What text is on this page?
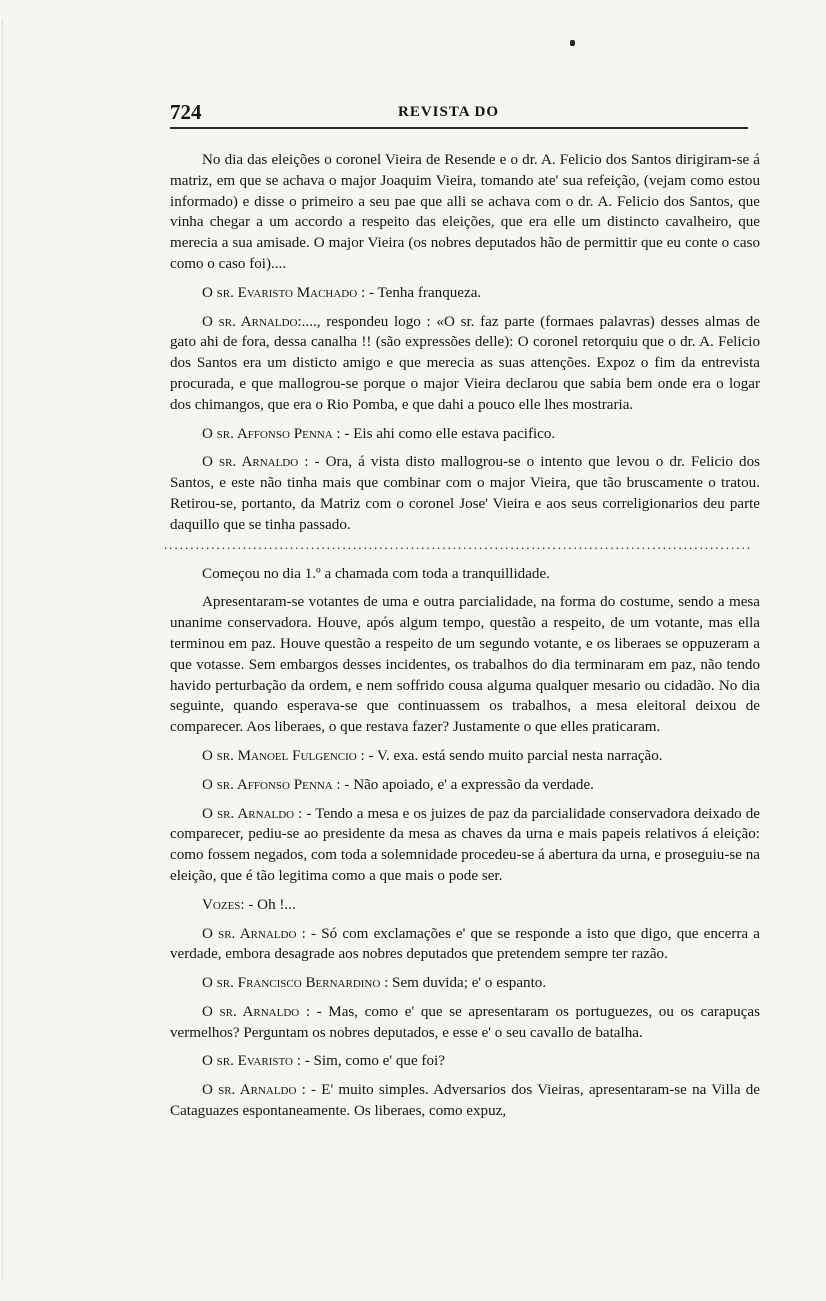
724	REVISTA DO

No dia das eleições o coronel Vieira de Resende e o dr. A. Felicio dos Santos dirigiram-se á matriz, em que se achava o major Joaquim Vieira, tomando ate' sua refeição, (vejam como estou informado) e disse o primeiro a seu pae que alli se achava com o dr. A. Felicio dos Santos, que vinha chegar a um accordo a respeito das eleições, que era elle um distincto cavalheiro, que merecia a sua amisade. O major Vieira (os nobres deputados hão de permittir que eu conte o caso como o caso foi)....

O sr. Evaristo Machado : - Tenha franqueza.

O sr. Arnaldo:...., respondeu logo : «O sr. faz parte (formaes palavras) desses almas de gato ahi de fora, dessa canalha !! (são expressões delle): O coronel retorquiu que o dr. A. Felicio dos Santos era um disticto amigo e que merecia as suas attenções. Expoz o fim da entrevista procurada, e que mallogrou-se porque o major Vieira declarou que sabia bem onde era o logar dos chimangos, que era o Rio Pomba, e que dahi a pouco elle lhes mostraria.

O sr. Affonso Penna : - Eis ahi como elle estava pacifico.

O sr. Arnaldo : - Ora, á vista disto mallogrou-se o intento que levou o dr. Felicio dos Santos, e este não tinha mais que combinar com o major Vieira, que tão bruscamente o tratou. Retirou-se, portanto, da Matriz com o coronel Jose' Vieira e aos seus correligionarios deu parte daquillo que se tinha passado.

................................................................................................................

Começou no dia 1.º a chamada com toda a tranquillidade.

Apresentaram-se votantes de uma e outra parcialidade, na forma do costume, sendo a mesa unanime conservadora. Houve, após algum tempo, questão a respeito, de um votante, mas ella terminou em paz. Houve questão a respeito de um segundo votante, e os liberaes se oppuzeram a que votasse. Sem embargos desses incidentes, os trabalhos do dia terminaram em paz, não tendo havido perturbação da ordem, e nem soffrido cousa alguma qualquer mesario ou cidadão. No dia seguinte, quando esperava-se que continuassem os trabalhos, a mesa eleitoral deixou de comparecer. Aos liberaes, o que restava fazer? Justamente o que elles praticaram.

O sr. Manoel Fulgencio : - V. exa. está sendo muito parcial nesta narração.

O sr. Affonso Penna : - Não apoiado, e' a expressão da verdade.

O sr. Arnaldo : - Tendo a mesa e os juizes de paz da parcialidade conservadora deixado de comparecer, pediu-se ao presidente da mesa as chaves da urna e mais papeis relativos á eleição: como fossem negados, com toda a solemnidade procedeu-se á abertura da urna, e proseguiu-se na eleição, que é tão legitima como a que mais o pode ser.

Vozes: - Oh !...

O sr. Arnaldo : - Só com exclamações e' que se responde a isto que digo, que encerra a verdade, embora desagrade aos nobres deputados que pretendem sempre ter razão.

O sr. Francisco Bernardino : Sem duvida; e' o espanto.

O sr. Arnaldo : - Mas, como e' que se apresentaram os portuguezes, ou os carapuças vermelhos? Perguntam os nobres deputados, e esse e' o seu cavallo de batalha.

O sr. Evaristo : - Sim, como e' que foi?

O sr. Arnaldo : - E' muito simples. Adversarios dos Vieiras, apresentaram-se na Villa de Cataguazes espontaneamente. Os liberaes, como expuz,
